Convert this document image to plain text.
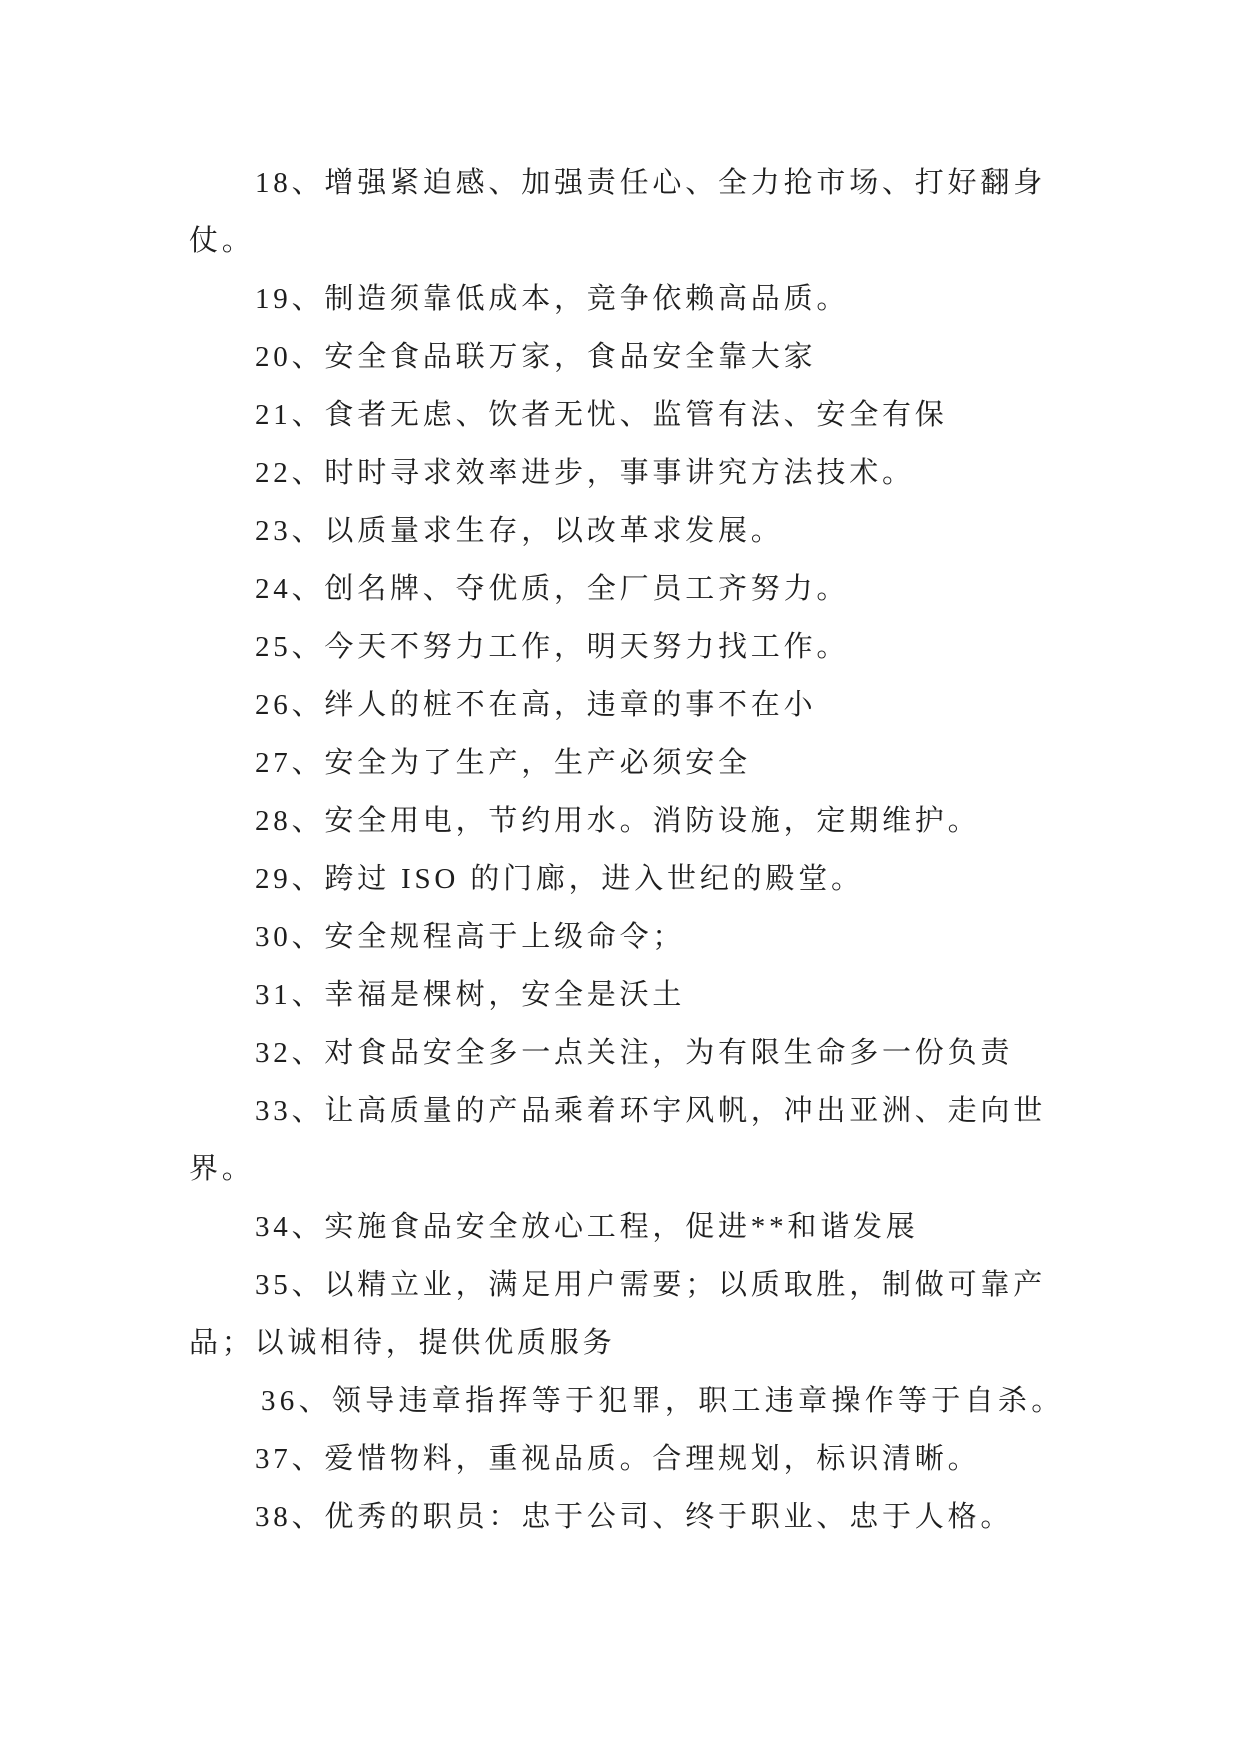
18、增强紧迫感、加强责任心、全力抢市场、打好翻身
仗。

19、制造须靠低成本，竞争依赖高品质。

20、安全食品联万家，食品安全靠大家

21、食者无虑、饮者无忧、监管有法、安全有保

22、时时寻求效率进步，事事讲究方法技术。

23、以质量求生存，以改革求发展。

24、创名牌、夺优质，全厂员工齐努力。

25、今天不努力工作，明天努力找工作。

26、绊人的桩不在高，违章的事不在小

27、安全为了生产，生产必须安全

28、安全用电，节约用水。消防设施，定期维护。

29、跨过 ISO 的门廊，进入世纪的殿堂。

30、安全规程高于上级命令；

31、幸福是棵树，安全是沃土

32、对食品安全多一点关注，为有限生命多一份负责

33、让高质量的产品乘着环宇风帆，冲出亚洲、走向世
界。

34、实施食品安全放心工程，促进**和谐发展

35、以精立业，满足用户需要；以质取胜，制做可靠产
品；以诚相待，提供优质服务

36、领导违章指挥等于犯罪，职工违章操作等于自杀。

37、爱惜物料，重视品质。合理规划，标识清晰。

38、优秀的职员：忠于公司、终于职业、忠于人格。
